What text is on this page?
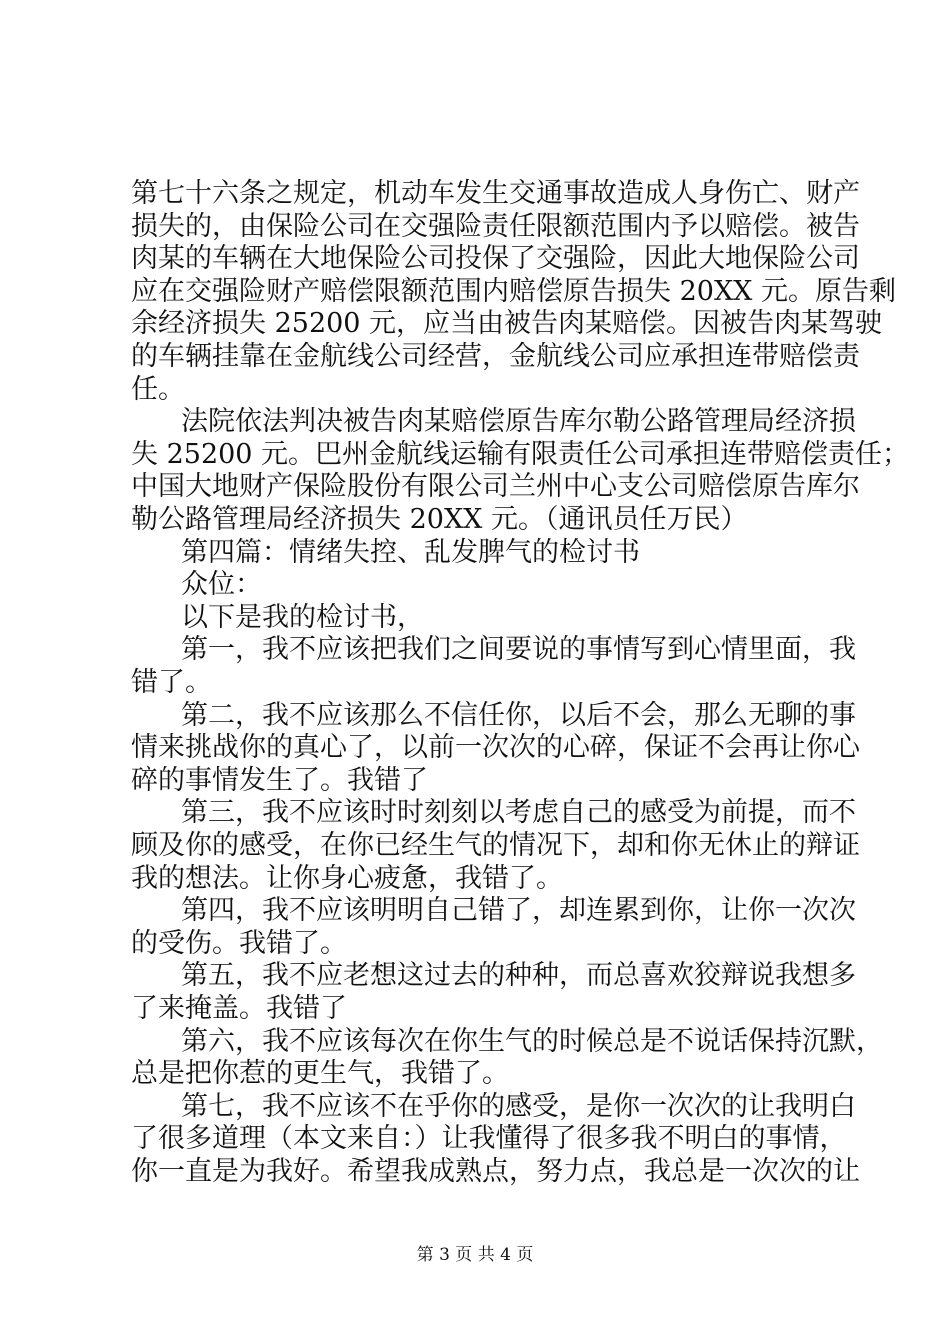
第七十六条之规定，机动车发生交通事故造成人身伤亡、财产
损失的，由保险公司在交强险责任限额范围内予以赔偿。被告
肉某的车辆在大地保险公司投保了交强险，因此大地保险公司
应在交强险财产赔偿限额范围内赔偿原告损失 20XX 元。原告剩
余经济损失 25200 元，应当由被告肉某赔偿。因被告肉某驾驶
的车辆挂靠在金航线公司经营，金航线公司应承担连带赔偿责
任。
法院依法判决被告肉某赔偿原告库尔勒公路管理局经济损
失 25200 元。巴州金航线运输有限责任公司承担连带赔偿责任；
中国大地财产保险股份有限公司兰州中心支公司赔偿原告库尔
勒公路管理局经济损失 20XX 元。（通讯员任万民）
第四篇：情绪失控、乱发脾气的检讨书
众位：
以下是我的检讨书，
第一，我不应该把我们之间要说的事情写到心情里面，我
错了。
第二，我不应该那么不信任你，以后不会，那么无聊的事
情来挑战你的真心了，以前一次次的心碎，保证不会再让你心
碎的事情发生了。我错了
第三，我不应该时时刻刻以考虑自己的感受为前提，而不
顾及你的感受，在你已经生气的情况下，却和你无休止的辩证
我的想法。让你身心疲惫，我错了。
第四，我不应该明明自己错了，却连累到你，让你一次次
的受伤。我错了。
第五，我不应老想这过去的种种，而总喜欢狡辩说我想多
了来掩盖。我错了
第六，我不应该每次在你生气的时候总是不说话保持沉默，
总是把你惹的更生气，我错了。
第七，我不应该不在乎你的感受，是你一次次的让我明白
了很多道理（本文来自：）让我懂得了很多我不明白的事情，
你一直是为我好。希望我成熟点，努力点，我总是一次次的让
第 3 页 共 4 页
